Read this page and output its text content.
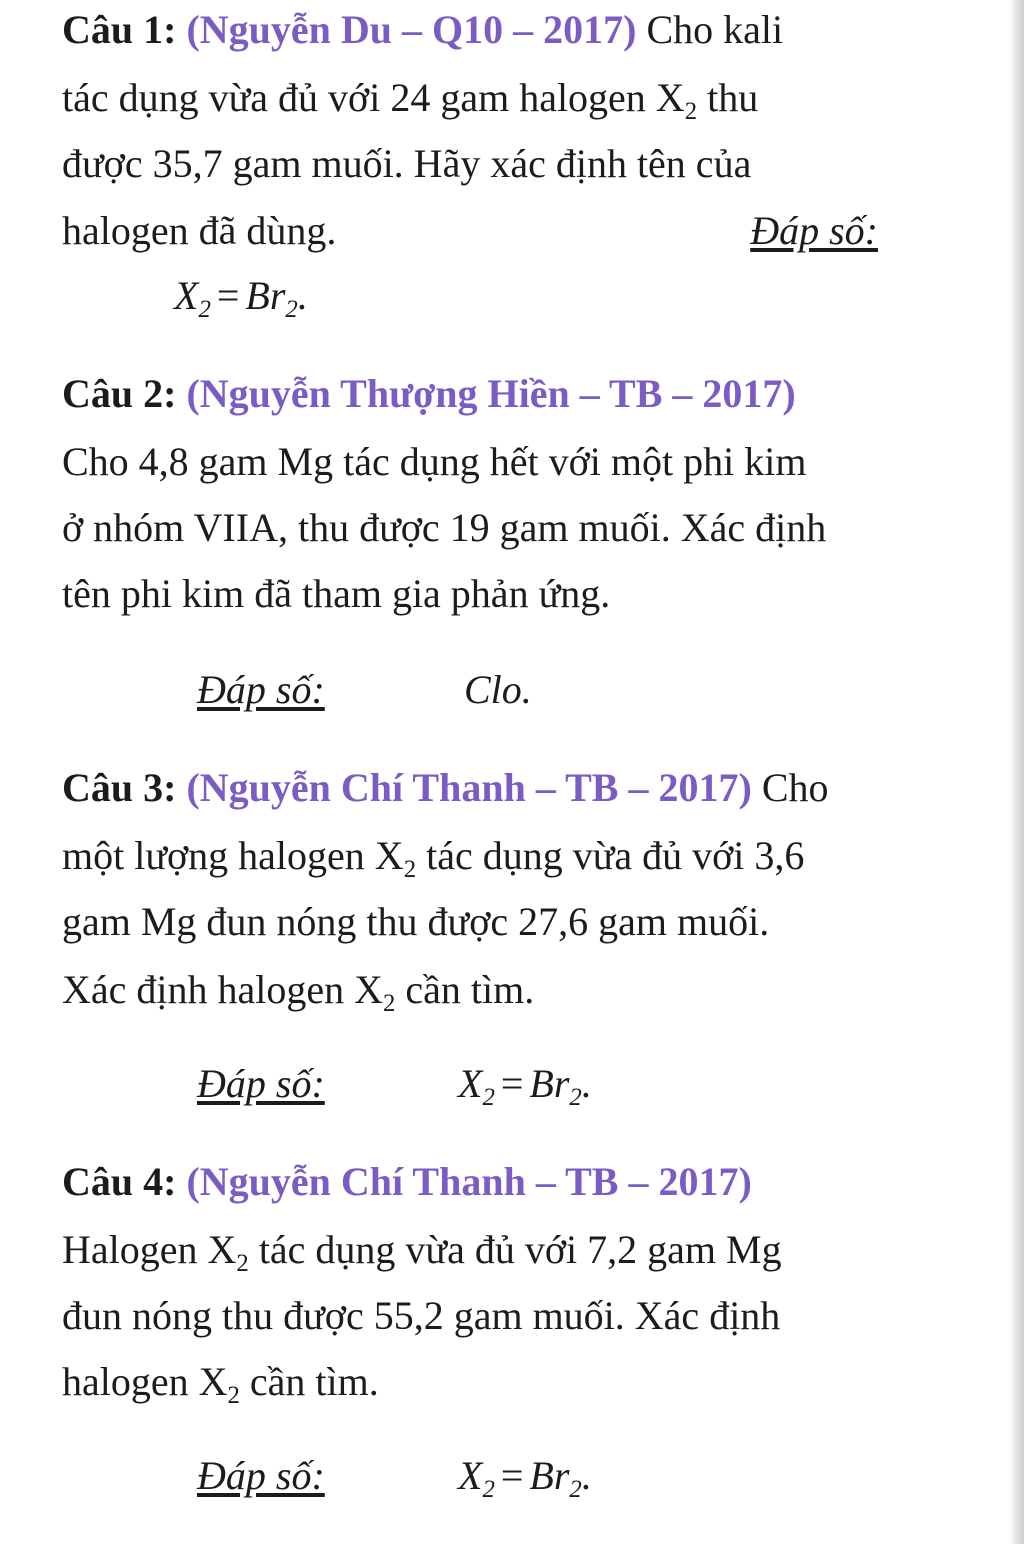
Câu 1: (Nguyễn Du – Q10 – 2017) Cho kali
tác dụng vừa đủ với 24 gam halogen $X_2$ thu
được 35,7 gam muối. Hãy xác định tên của
halogen đã dùng.	Đáp số:
$X_2 = Br_2$.
Câu 2: (Nguyễn Thượng Hiền – TB – 2017)
Cho 4,8 gam Mg tác dụng hết với một phi kim
ở nhóm VIIA, thu được 19 gam muối. Xác định
tên phi kim đã tham gia phản ứng.
Đáp số:	Clo.
Câu 3: (Nguyễn Chí Thanh – TB – 2017) Cho
một lượng halogen $X_2$ tác dụng vừa đủ với 3,6
gam Mg đun nóng thu được 27,6 gam muối.
Xác định halogen $X_2$ cần tìm.
Đáp số:	$X_2 = Br_2$.
Câu 4: (Nguyễn Chí Thanh – TB – 2017)
Halogen $X_2$ tác dụng vừa đủ với 7,2 gam Mg
đun nóng thu được 55,2 gam muối. Xác định
halogen $X_2$ cần tìm.
Đáp số:	$X_2 = Br_2$.
